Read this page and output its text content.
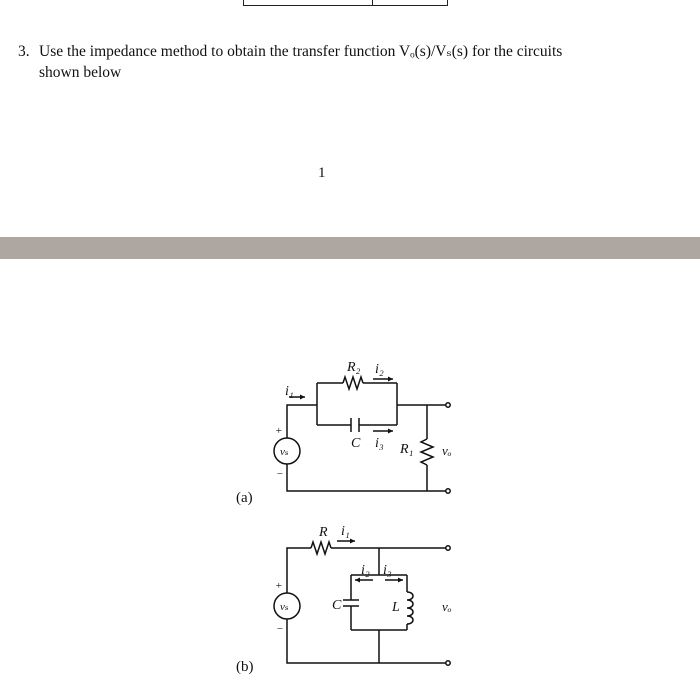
3. Use the impedance method to obtain the transfer function Vₒ(s)/Vₛ(s) for the circuits
shown below
1
i₁
R₂ i₂
C i₃ R₁ vₒ
vₛ
+
−
(a)
R i₁
i₂ i₃
C	L	vₒ
vₛ
+
−
(b)
